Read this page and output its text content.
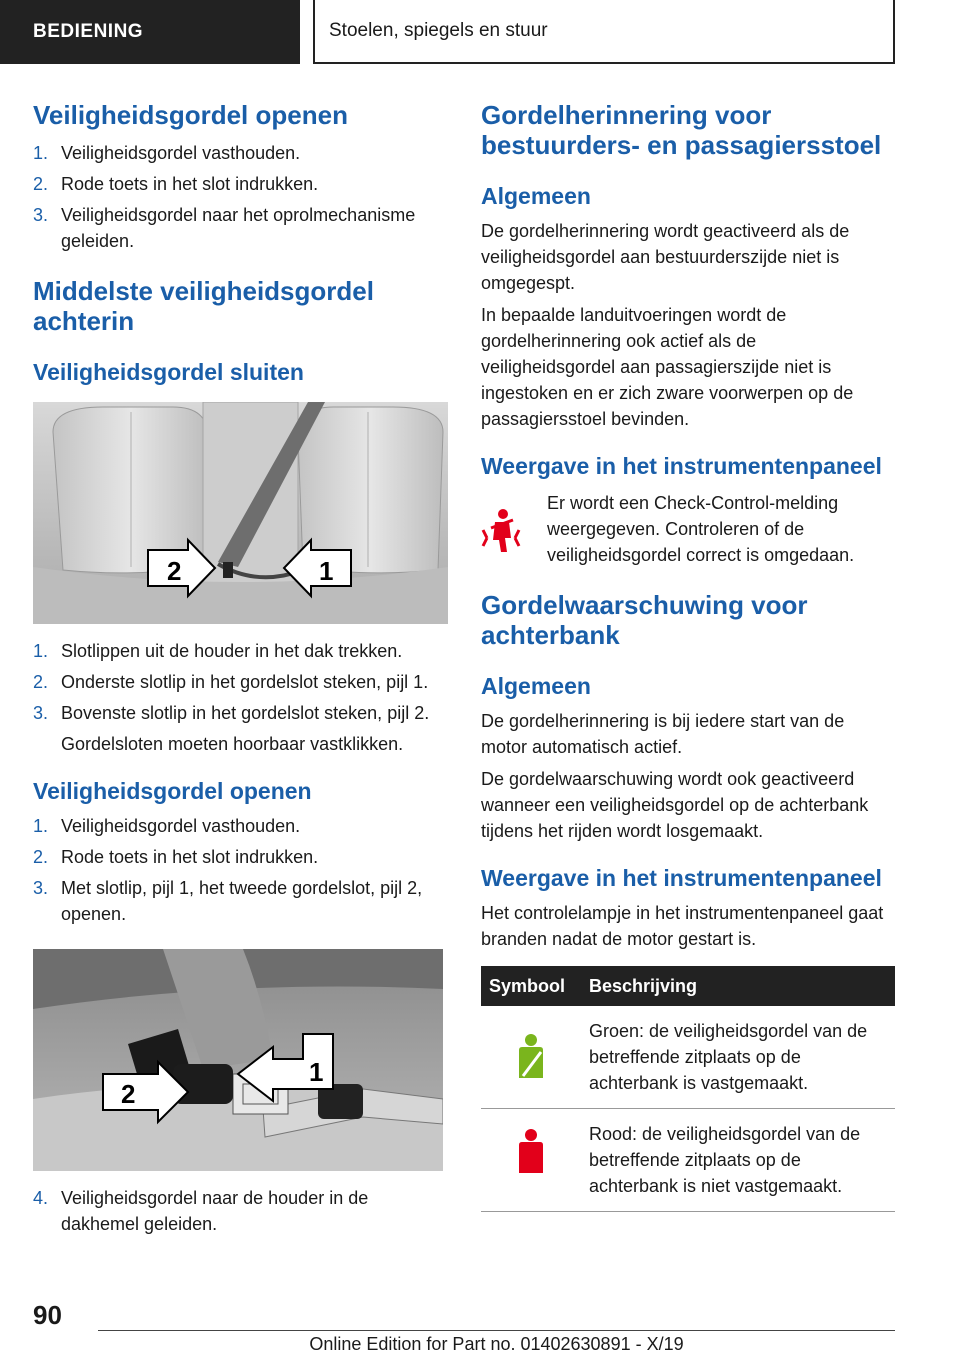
BEDIENING	Stoelen, spiegels en stuur
Veiligheidsgordel openen
1. Veiligheidsgordel vasthouden.
2. Rode toets in het slot indrukken.
3. Veiligheidsgordel naar het oprolmechanisme geleiden.
Middelste veiligheidsgordel achterin
Veiligheidsgordel sluiten
2	1
1. Slotlippen uit de houder in het dak trekken.
2. Onderste slotlip in het gordelslot steken, pijl 1.
3. Bovenste slotlip in het gordelslot steken, pijl 2.
Gordelsloten moeten hoorbaar vastklikken.
Veiligheidsgordel openen
1. Veiligheidsgordel vasthouden.
2. Rode toets in het slot indrukken.
3. Met slotlip, pijl 1, het tweede gordelslot, pijl 2, openen.
2
1
4. Veiligheidsgordel naar de houder in de dakhemel geleiden.
Gordelherinnering voor bestuurders- en passagiersstoel
Algemeen
De gordelherinnering wordt geactiveerd als de veiligheidsgordel aan bestuurderszijde niet is omgegespt.
In bepaalde landuitvoeringen wordt de gordelherinnering ook actief als de veiligheidsgordel aan passagierszijde niet is ingestoken en er zich zware voorwerpen op de passagiersstoel bevinden.
Weergave in het instrumentenpaneel
Er wordt een Check-Control-melding weergegeven. Controleren of de veiligheidsgordel correct is omgedaan.
Gordelwaarschuwing voor achterbank
Algemeen
De gordelherinnering is bij iedere start van de motor automatisch actief.
De gordelwaarschuwing wordt ook geactiveerd wanneer een veiligheidsgordel op de achterbank tijdens het rijden wordt losgemaakt.
Weergave in het instrumentenpaneel
Het controlelampje in het instrumentenpaneel gaat branden nadat de motor gestart is.
Symbool	Beschrijving
	Groen: de veiligheidsgordel van de betreffende zitplaats op de achterbank is vastgemaakt.
	Rood: de veiligheidsgordel van de betreffende zitplaats op de achterbank is niet vastgemaakt.
90
Online Edition for Part no. 01402630891 - X/19
